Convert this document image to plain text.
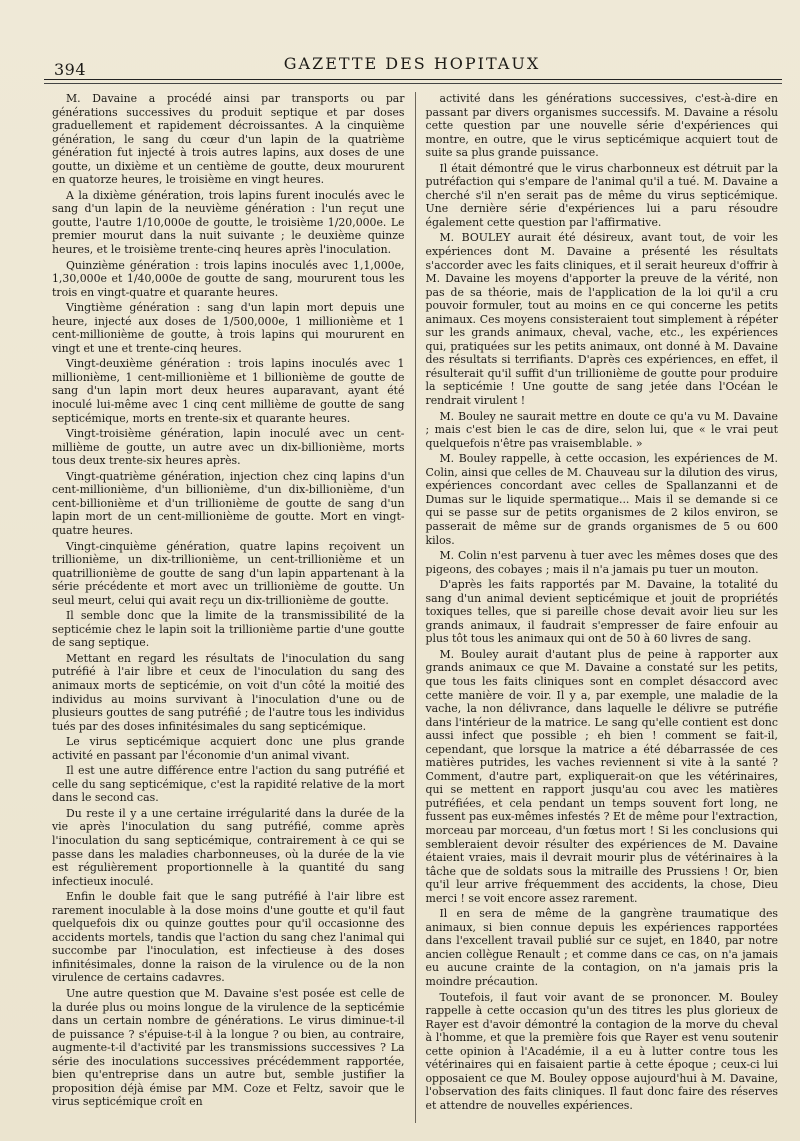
394	GAZETTE DES HOPITAUX

M. Davaine a procédé ainsi par transports ou par générations successives du produit septique et par doses graduellement et rapidement décroissantes. A la cinquième génération, le sang du cœur d'un lapin de la quatrième génération fut injecté à trois autres lapins, aux doses de une goutte, un dixième et un centième de goutte, deux moururent en quatorze heures, le troisième en vingt heures.

A la dixième génération, trois lapins furent inoculés avec le sang d'un lapin de la neuvième génération : l'un reçut une goutte, l'autre 1/10,000e de goutte, le troisième 1/20,000e. Le premier mourut dans la nuit suivante ; le deuxième quinze heures, et le troisième trente-cinq heures après l'inoculation.

Quinzième génération : trois lapins inoculés avec 1,1,000e, 1,30,000e et 1/40,000e de goutte de sang, moururent tous les trois en vingt-quatre et quarante heures.

Vingtième génération : sang d'un lapin mort depuis une heure, injecté aux doses de 1/500,000e, 1 millionième et 1 cent-millionième de goutte, à trois lapins qui moururent en vingt et une et trente-cinq heures.

Vingt-deuxième génération : trois lapins inoculés avec 1 millionième, 1 cent-millionième et 1 billionième de goutte de sang d'un lapin mort deux heures auparavant, ayant été inoculé lui-même avec 1 cinq cent millième de goutte de sang septicémique, morts en trente-six et quarante heures.

Vingt-troisième génération, lapin inoculé avec un cent-millième de goutte, un autre avec un dix-billionième, morts tous deux trente-six heures après.

Vingt-quatrième génération, injection chez cinq lapins d'un cent-millionième, d'un billionième, d'un dix-billionième, d'un cent-billionième et d'un trillionième de goutte de sang d'un lapin mort de un cent-millionième de goutte. Mort en vingt-quatre heures.

Vingt-cinquième génération, quatre lapins reçoivent un trillionième, un dix-trillionième, un cent-trillionième et un quatrillionième de goutte de sang d'un lapin appartenant à la série précédente et mort avec un trillionième de goutte. Un seul meurt, celui qui avait reçu un dix-trillionième de goutte.

Il semble donc que la limite de la transmissibilité de la septicémie chez le lapin soit la trillionième partie d'une goutte de sang septique.

Mettant en regard les résultats de l'inoculation du sang putréfié à l'air libre et ceux de l'inoculation du sang des animaux morts de septicémie, on voit d'un côté la moitié des individus au moins survivant à l'inoculation d'une ou de plusieurs gouttes de sang putréfié ; de l'autre tous les individus tués par des doses infinitésimales du sang septicémique.

Le virus septicémique acquiert donc une plus grande activité en passant par l'économie d'un animal vivant.

Il est une autre différence entre l'action du sang putréfié et celle du sang septicémique, c'est la rapidité relative de la mort dans le second cas.

Du reste il y a une certaine irrégularité dans la durée de la vie après l'inoculation du sang putréfié, comme après l'inoculation du sang septicémique, contrairement à ce qui se passe dans les maladies charbonneuses, où la durée de la vie est régulièrement proportionnelle à la quantité du sang infectieux inoculé.

Enfin le double fait que le sang putréfié à l'air libre est rarement inoculable à la dose moins d'une goutte et qu'il faut quelquefois dix ou quinze gouttes pour qu'il occasionne des accidents mortels, tandis que l'action du sang chez l'animal qui succombe par l'inoculation, est infectieuse à des doses infinitésimales, donne la raison de la virulence ou de la non virulence de certains cadavres.

Une autre question que M. Davaine s'est posée est celle de la durée plus ou moins longue de la virulence de la septicémie dans un certain nombre de générations. Le virus diminue-t-il de puissance ? s'épuise-t-il à la longue ? ou bien, au contraire, augmente-t-il d'activité par les transmissions successives ? La série des inoculations successives précédemment rapportée, bien qu'entreprise dans un autre but, semble justifier la proposition déjà émise par MM. Coze et Feltz, savoir que le virus septicémique croît en

activité dans les générations successives, c'est-à-dire en passant par divers organismes successifs. M. Davaine a résolu cette question par une nouvelle série d'expériences qui montre, en outre, que le virus septicémique acquiert tout de suite sa plus grande puissance.

Il était démontré que le virus charbonneux est détruit par la putréfaction qui s'empare de l'animal qu'il a tué. M. Davaine a cherché s'il n'en serait pas de même du virus septicémique. Une dernière série d'expériences lui a paru résoudre également cette question par l'affirmative.

M. BOULEY aurait été désireux, avant tout, de voir les expériences dont M. Davaine a présenté les résultats s'accorder avec les faits cliniques, et il serait heureux d'offrir à M. Davaine les moyens d'apporter la preuve de la vérité, non pas de sa théorie, mais de l'application de la loi qu'il a cru pouvoir formuler, tout au moins en ce qui concerne les petits animaux. Ces moyens consisteraient tout simplement à répéter sur les grands animaux, cheval, vache, etc., les expériences qui, pratiquées sur les petits animaux, ont donné à M. Davaine des résultats si terrifiants. D'après ces expériences, en effet, il résulterait qu'il suffit d'un trillionième de goutte pour produire la septicémie ! Une goutte de sang jetée dans l'Océan le rendrait virulent !

M. Bouley ne saurait mettre en doute ce qu'a vu M. Davaine ; mais c'est bien le cas de dire, selon lui, que « le vrai peut quelquefois n'être pas vraisemblable. »

M. Bouley rappelle, à cette occasion, les expériences de M. Colin, ainsi que celles de M. Chauveau sur la dilution des virus, expériences concordant avec celles de Spallanzanni et de Dumas sur le liquide spermatique... Mais il se demande si ce qui se passe sur de petits organismes de 2 kilos environ, se passerait de même sur de grands organismes de 5 ou 600 kilos.

M. Colin n'est parvenu à tuer avec les mêmes doses que des pigeons, des cobayes ; mais il n'a jamais pu tuer un mouton.

D'après les faits rapportés par M. Davaine, la totalité du sang d'un animal devient septicémique et jouit de propriétés toxiques telles, que si pareille chose devait avoir lieu sur les grands animaux, il faudrait s'empresser de faire enfouir au plus tôt tous les animaux qui ont de 50 à 60 livres de sang.

M. Bouley aurait d'autant plus de peine à rapporter aux grands animaux ce que M. Davaine a constaté sur les petits, que tous les faits cliniques sont en complet désaccord avec cette manière de voir. Il y a, par exemple, une maladie de la vache, la non délivrance, dans laquelle le délivre se putréfie dans l'intérieur de la matrice. Le sang qu'elle contient est donc aussi infect que possible ; eh bien ! comment se fait-il, cependant, que lorsque la matrice a été débarrassée de ces matières putrides, les vaches reviennent si vite à la santé ? Comment, d'autre part, expliquerait-on que les vétérinaires, qui se mettent en rapport jusqu'au cou avec les matières putréfiées, et cela pendant un temps souvent fort long, ne fussent pas eux-mêmes infestés ? Et de même pour l'extraction, morceau par morceau, d'un fœtus mort ! Si les conclusions qui sembleraient devoir résulter des expériences de M. Davaine étaient vraies, mais il devrait mourir plus de vétérinaires à la tâche que de soldats sous la mitraille des Prussiens ! Or, bien qu'il leur arrive fréquemment des accidents, la chose, Dieu merci ! se voit encore assez rarement.

Il en sera de même de la gangrène traumatique des animaux, si bien connue depuis les expériences rapportées dans l'excellent travail publié sur ce sujet, en 1840, par notre ancien collègue Renault ; et comme dans ce cas, on n'a jamais eu aucune crainte de la contagion, on n'a jamais pris la moindre précaution.

Toutefois, il faut voir avant de se prononcer. M. Bouley rappelle à cette occasion qu'un des titres les plus glorieux de Rayer est d'avoir démontré la contagion de la morve du cheval à l'homme, et que la première fois que Rayer est venu soutenir cette opinion à l'Académie, il a eu à lutter contre tous les vétérinaires qui en faisaient partie à cette époque ; ceux-ci lui opposaient ce que M. Bouley oppose aujourd'hui à M. Davaine, l'observation des faits cliniques. Il faut donc faire des réserves et attendre de nouvelles expériences.
